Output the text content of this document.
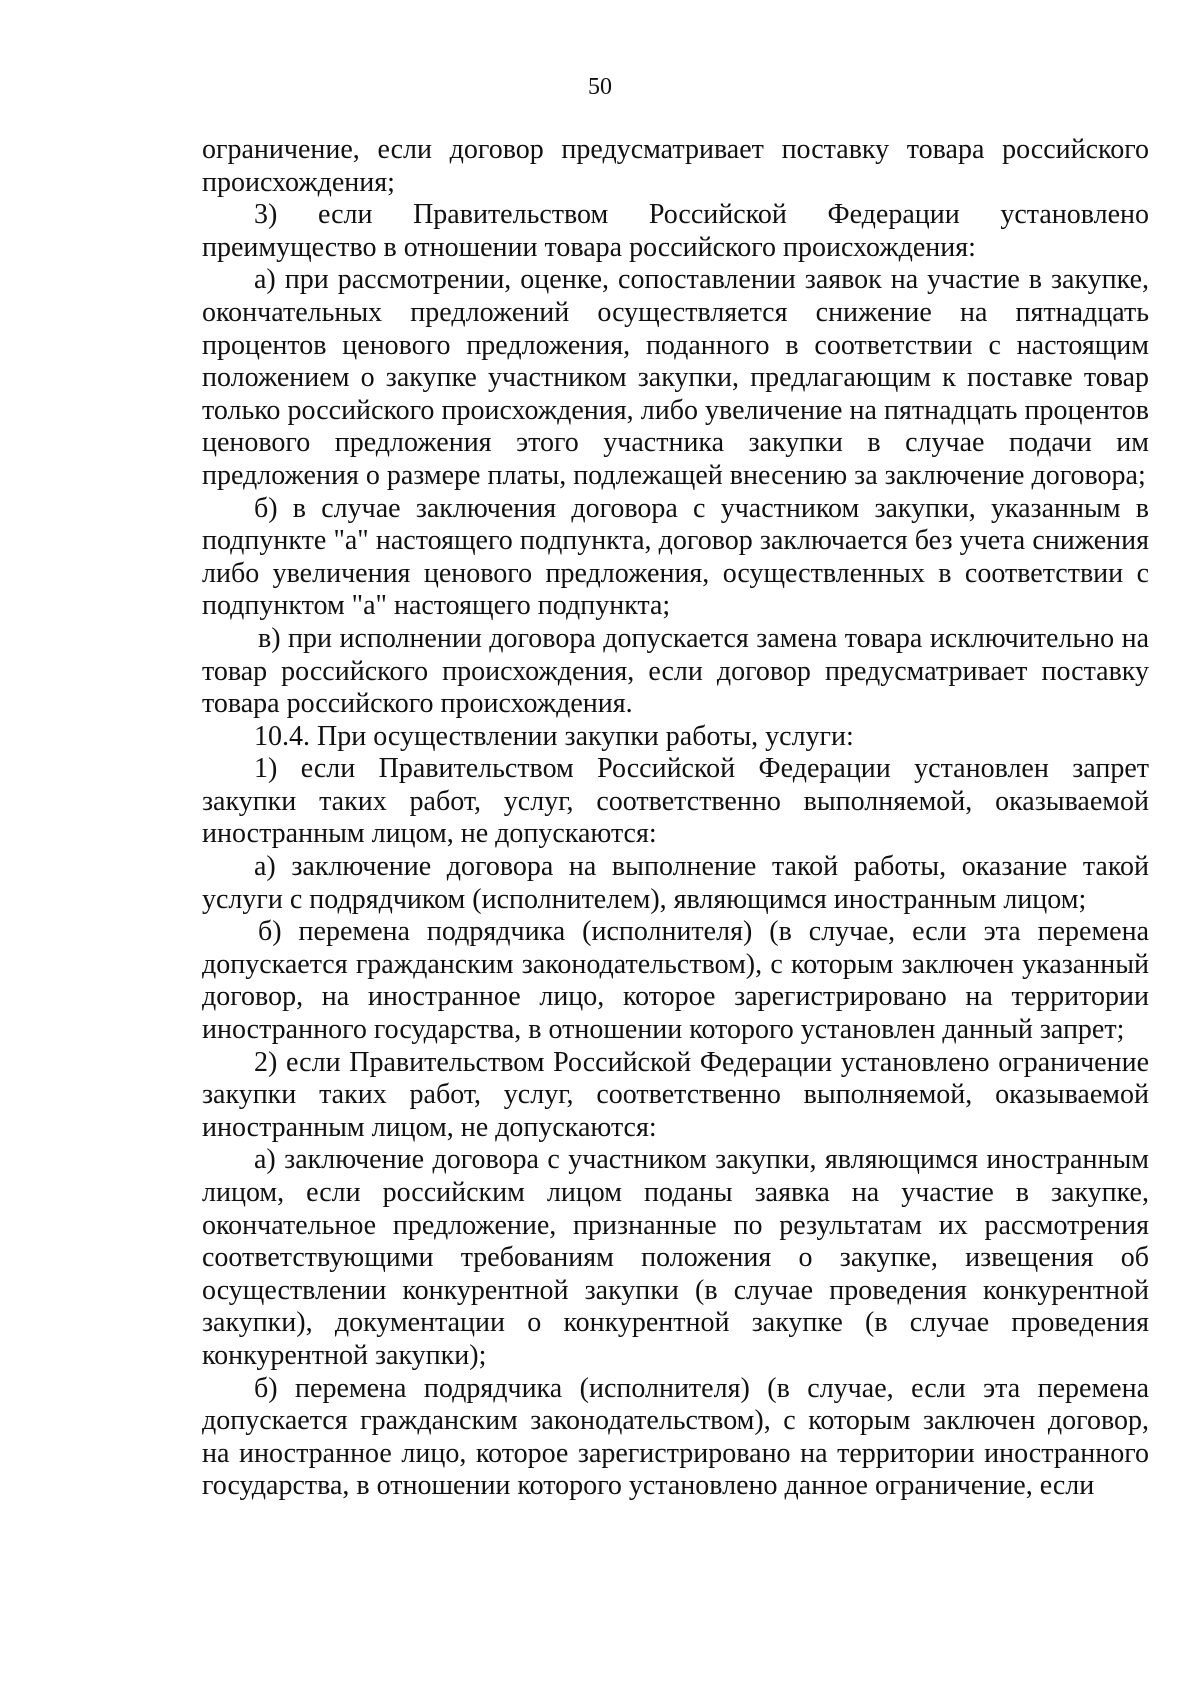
50

ограничение, если договор предусматривает поставку товара российского происхождения;

3) если Правительством Российской Федерации установлено преимущество в отношении товара российского происхождения:

а) при рассмотрении, оценке, сопоставлении заявок на участие в закупке, окончательных предложений осуществляется снижение на пятнадцать процентов ценового предложения, поданного в соответствии с настоящим положением о закупке участником закупки, предлагающим к поставке товар только российского происхождения, либо увеличение на пятнадцать процентов ценового предложения этого участника закупки в случае подачи им предложения о размере платы, подлежащей внесению за заключение договора;

б) в случае заключения договора с участником закупки, указанным в подпункте "а" настоящего подпункта, договор заключается без учета снижения либо увеличения ценового предложения, осуществленных в соответствии с подпунктом "а" настоящего подпункта;

в) при исполнении договора допускается замена товара исключительно на товар российского происхождения, если договор предусматривает поставку товара российского происхождения.

10.4. При осуществлении закупки работы, услуги:

1) если Правительством Российской Федерации установлен запрет закупки таких работ, услуг, соответственно выполняемой, оказываемой иностранным лицом, не допускаются:

а) заключение договора на выполнение такой работы, оказание такой услуги с подрядчиком (исполнителем), являющимся иностранным лицом;

б) перемена подрядчика (исполнителя) (в случае, если эта перемена допускается гражданским законодательством), с которым заключен указанный договор, на иностранное лицо, которое зарегистрировано на территории иностранного государства, в отношении которого установлен данный запрет;

2) если Правительством Российской Федерации установлено ограничение закупки таких работ, услуг, соответственно выполняемой, оказываемой иностранным лицом, не допускаются:

а) заключение договора с участником закупки, являющимся иностранным лицом, если российским лицом поданы заявка на участие в закупке, окончательное предложение, признанные по результатам их рассмотрения соответствующими требованиям положения о закупке, извещения об осуществлении конкурентной закупки (в случае проведения конкурентной закупки), документации о конкурентной закупке (в случае проведения конкурентной закупки);

б) перемена подрядчика (исполнителя) (в случае, если эта перемена допускается гражданским законодательством), с которым заключен договор, на иностранное лицо, которое зарегистрировано на территории иностранного государства, в отношении которого установлено данное ограничение, если
